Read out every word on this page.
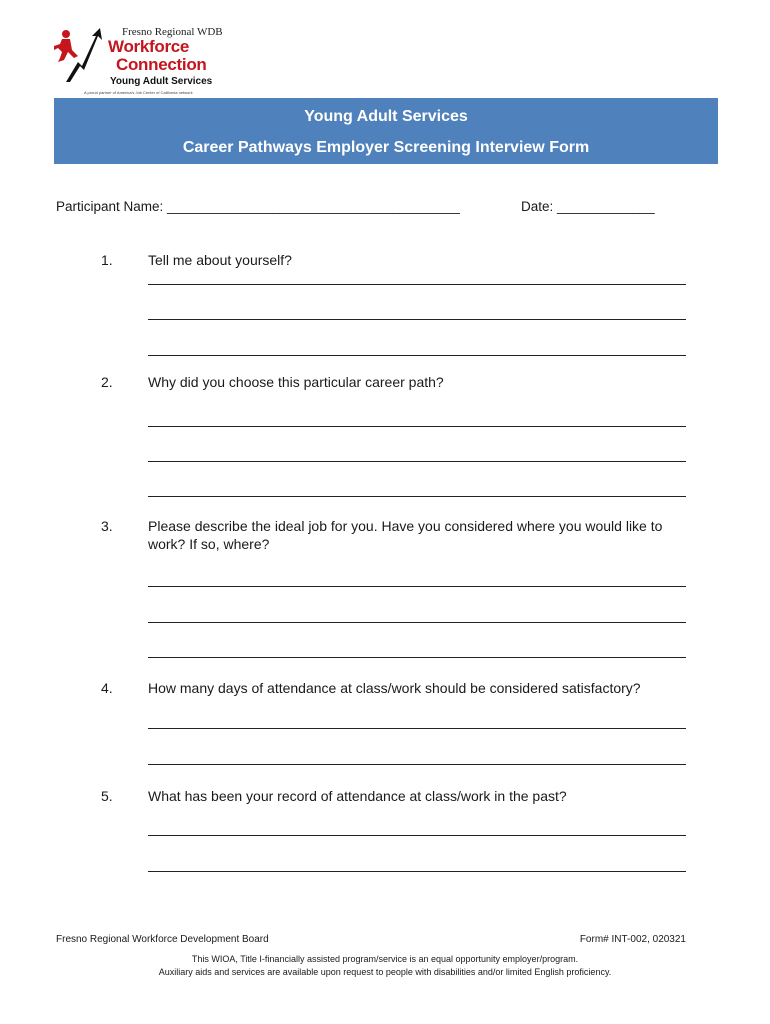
Fresno Regional WDB
Workforce
Connection
Young Adult Services
A proud partner of America's Job Center of California network
Young Adult Services
Career Pathways Employer Screening Interview Form
Participant Name: _______________________________________	Date: _____________
1.	Tell me about yourself?
2.	Why did you choose this particular career path?
3.	Please describe the ideal job for you. Have you considered where you would like to work? If so, where?
4.	How many days of attendance at class/work should be considered satisfactory?
5.	What has been your record of attendance at class/work in the past?
Fresno Regional Workforce Development Board	Form# INT-002, 020321
This WIOA, Title I-financially assisted program/service is an equal opportunity employer/program.
Auxiliary aids and services are available upon request to people with disabilities and/or limited English proficiency.
